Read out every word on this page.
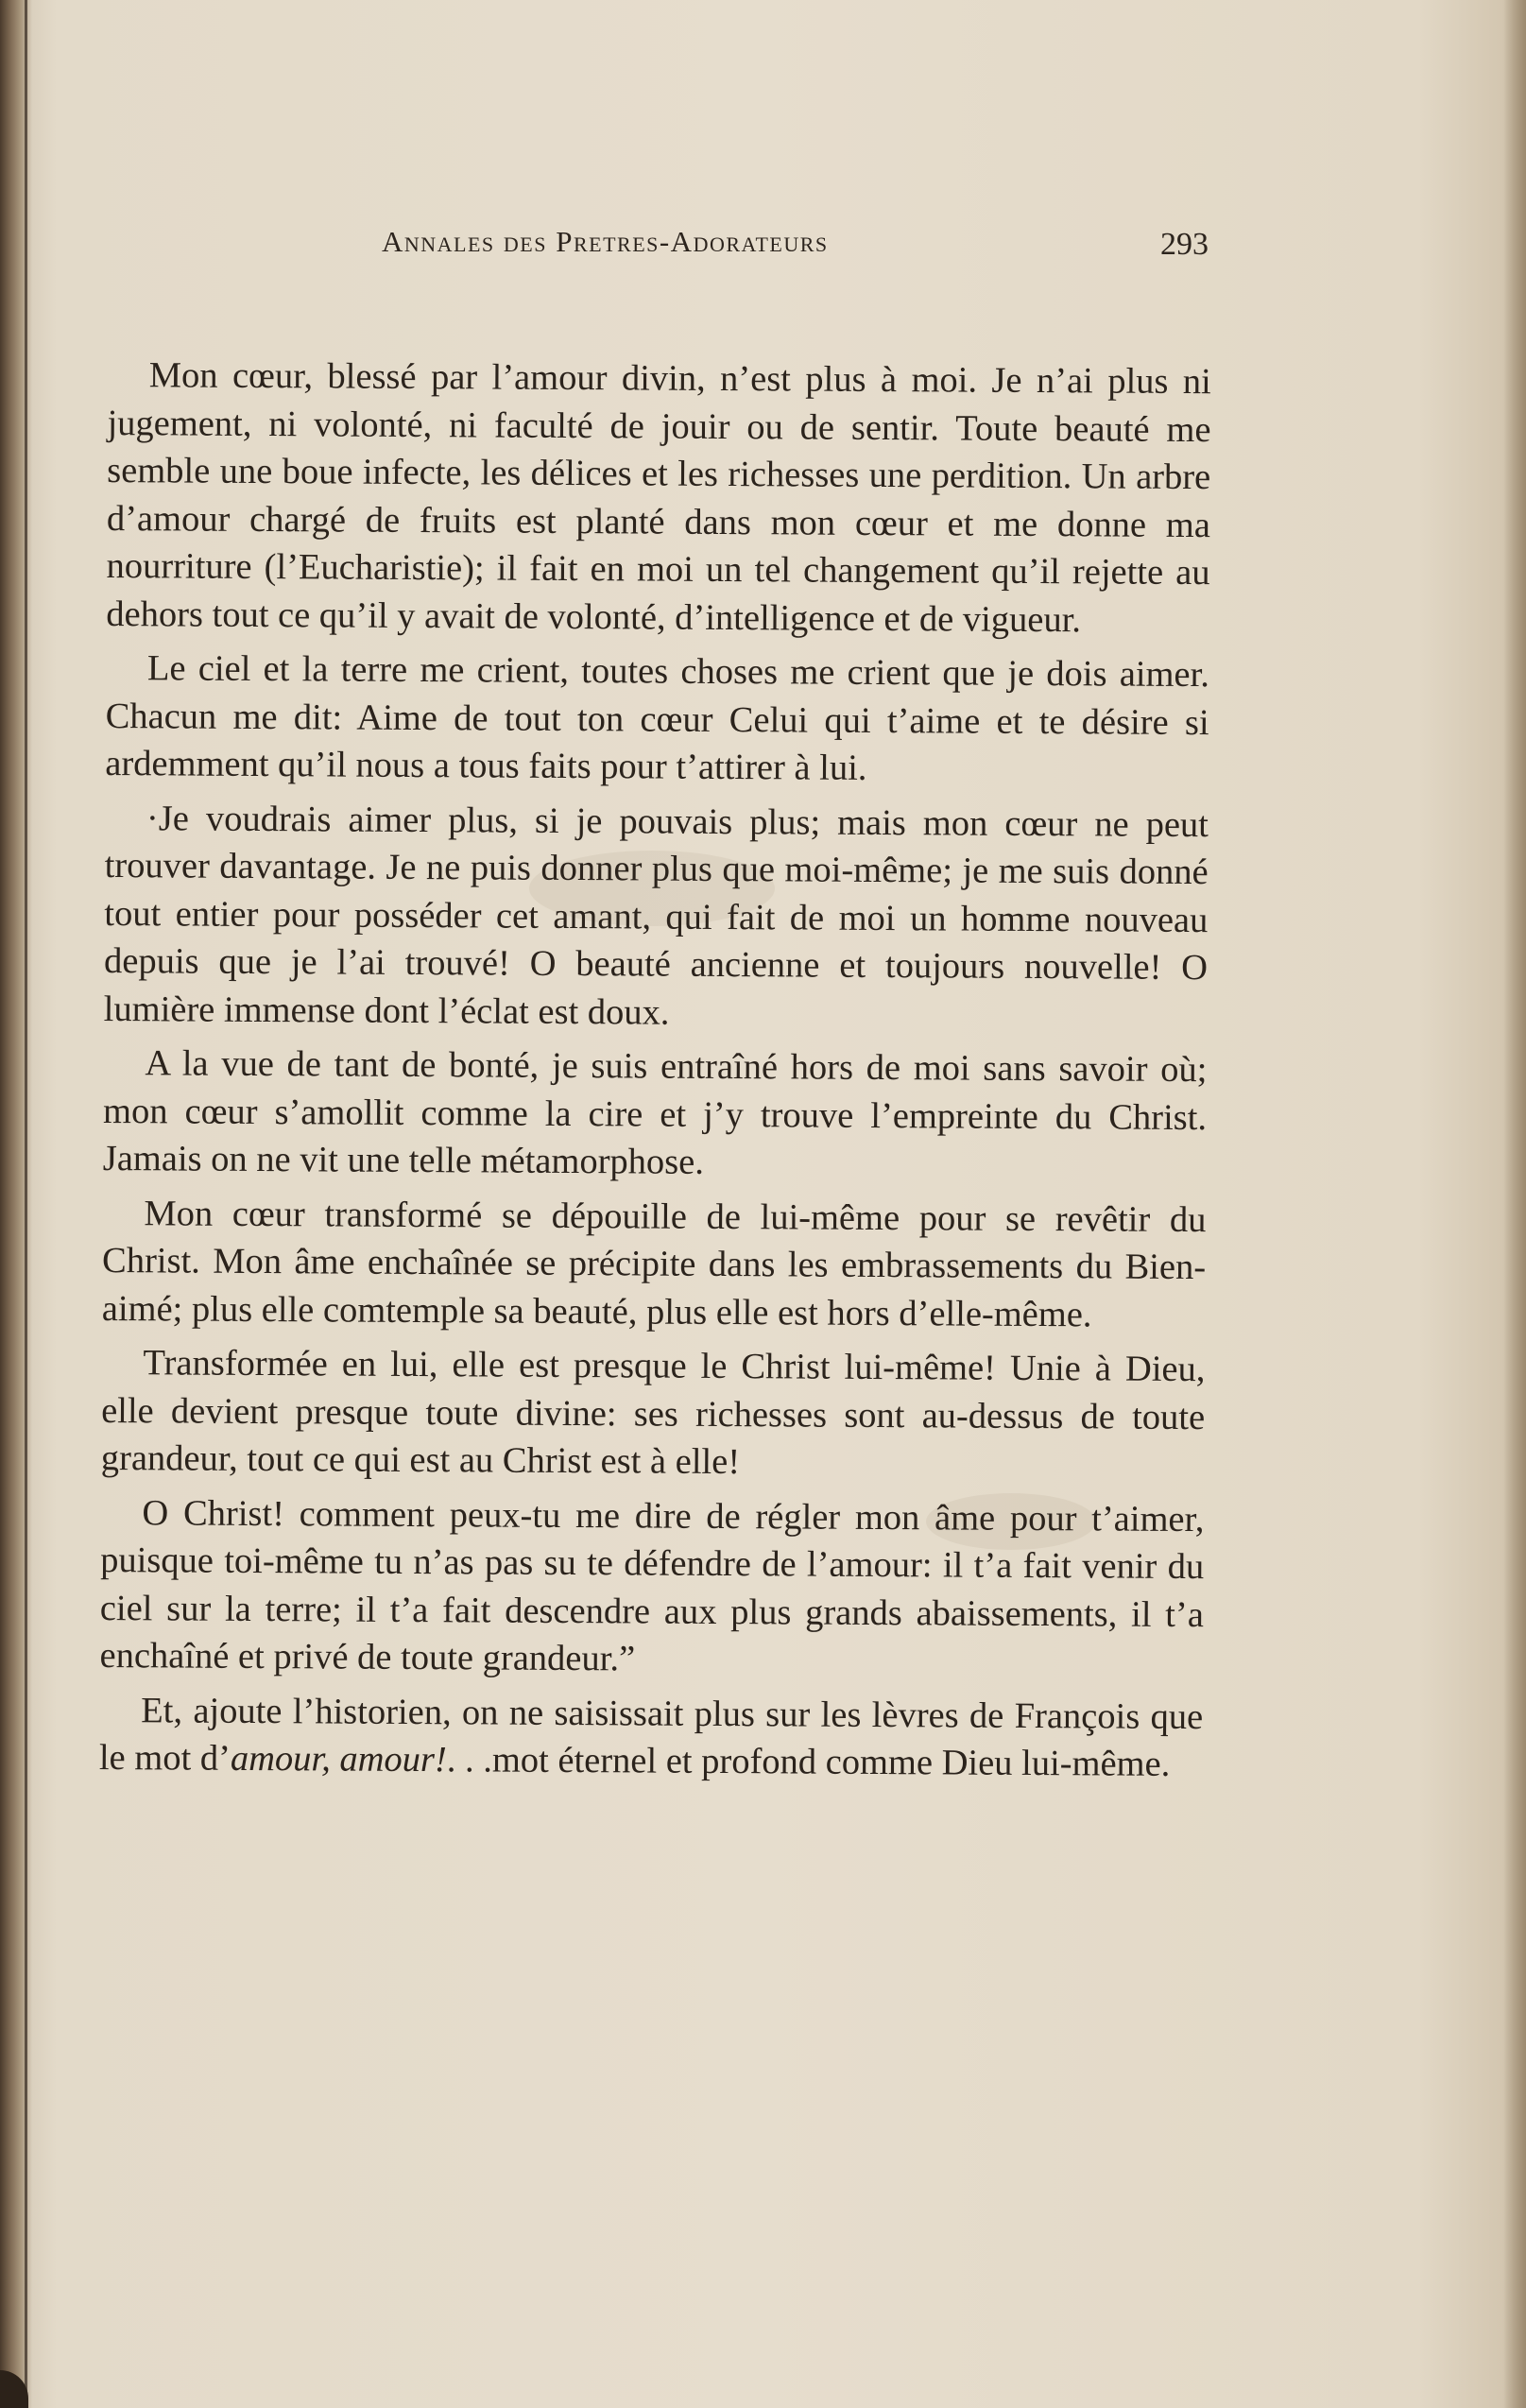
Annales des Pretres-Adorateurs	293

Mon cœur, blessé par l’amour divin, n’est plus à moi. Je n’ai plus ni jugement, ni volonté, ni faculté de jouir ou de sentir. Toute beauté me semble une boue infecte, les délices et les richesses une perdition. Un arbre d’amour chargé de fruits est planté dans mon cœur et me donne ma nourriture (l’Eucharistie); il fait en moi un tel changement qu’il rejette au dehors tout ce qu’il y avait de volonté, d’intelligence et de vigueur.

Le ciel et la terre me crient, toutes choses me crient que je dois aimer. Chacun me dit: Aime de tout ton cœur Celui qui t’aime et te désire si ardemment qu’il nous a tous faits pour t’attirer à lui.

·Je voudrais aimer plus, si je pouvais plus; mais mon cœur ne peut trouver davantage. Je ne puis donner plus que moi-même; je me suis donné tout entier pour posséder cet amant, qui fait de moi un homme nouveau depuis que je l’ai trouvé! O beauté ancienne et toujours nouvelle! O lumière immense dont l’éclat est doux.

A la vue de tant de bonté, je suis entraîné hors de moi sans savoir où; mon cœur s’amollit comme la cire et j’y trouve l’empreinte du Christ. Jamais on ne vit une telle métamorphose.

Mon cœur transformé se dépouille de lui-même pour se revêtir du Christ. Mon âme enchaînée se précipite dans les embrassements du Bien-aimé; plus elle comtemple sa beauté, plus elle est hors d’elle-même.

Transformée en lui, elle est presque le Christ lui-même! Unie à Dieu, elle devient presque toute divine: ses richesses sont au-dessus de toute grandeur, tout ce qui est au Christ est à elle!

O Christ! comment peux-tu me dire de régler mon âme pour t’aimer, puisque toi-même tu n’as pas su te défendre de l’amour: il t’a fait venir du ciel sur la terre; il t’a fait descendre aux plus grands abaissements, il t’a enchaîné et privé de toute grandeur.”

Et, ajoute l’historien, on ne saisissait plus sur les lèvres de François que le mot d’amour, amour!. . .mot éternel et profond comme Dieu lui-même.
